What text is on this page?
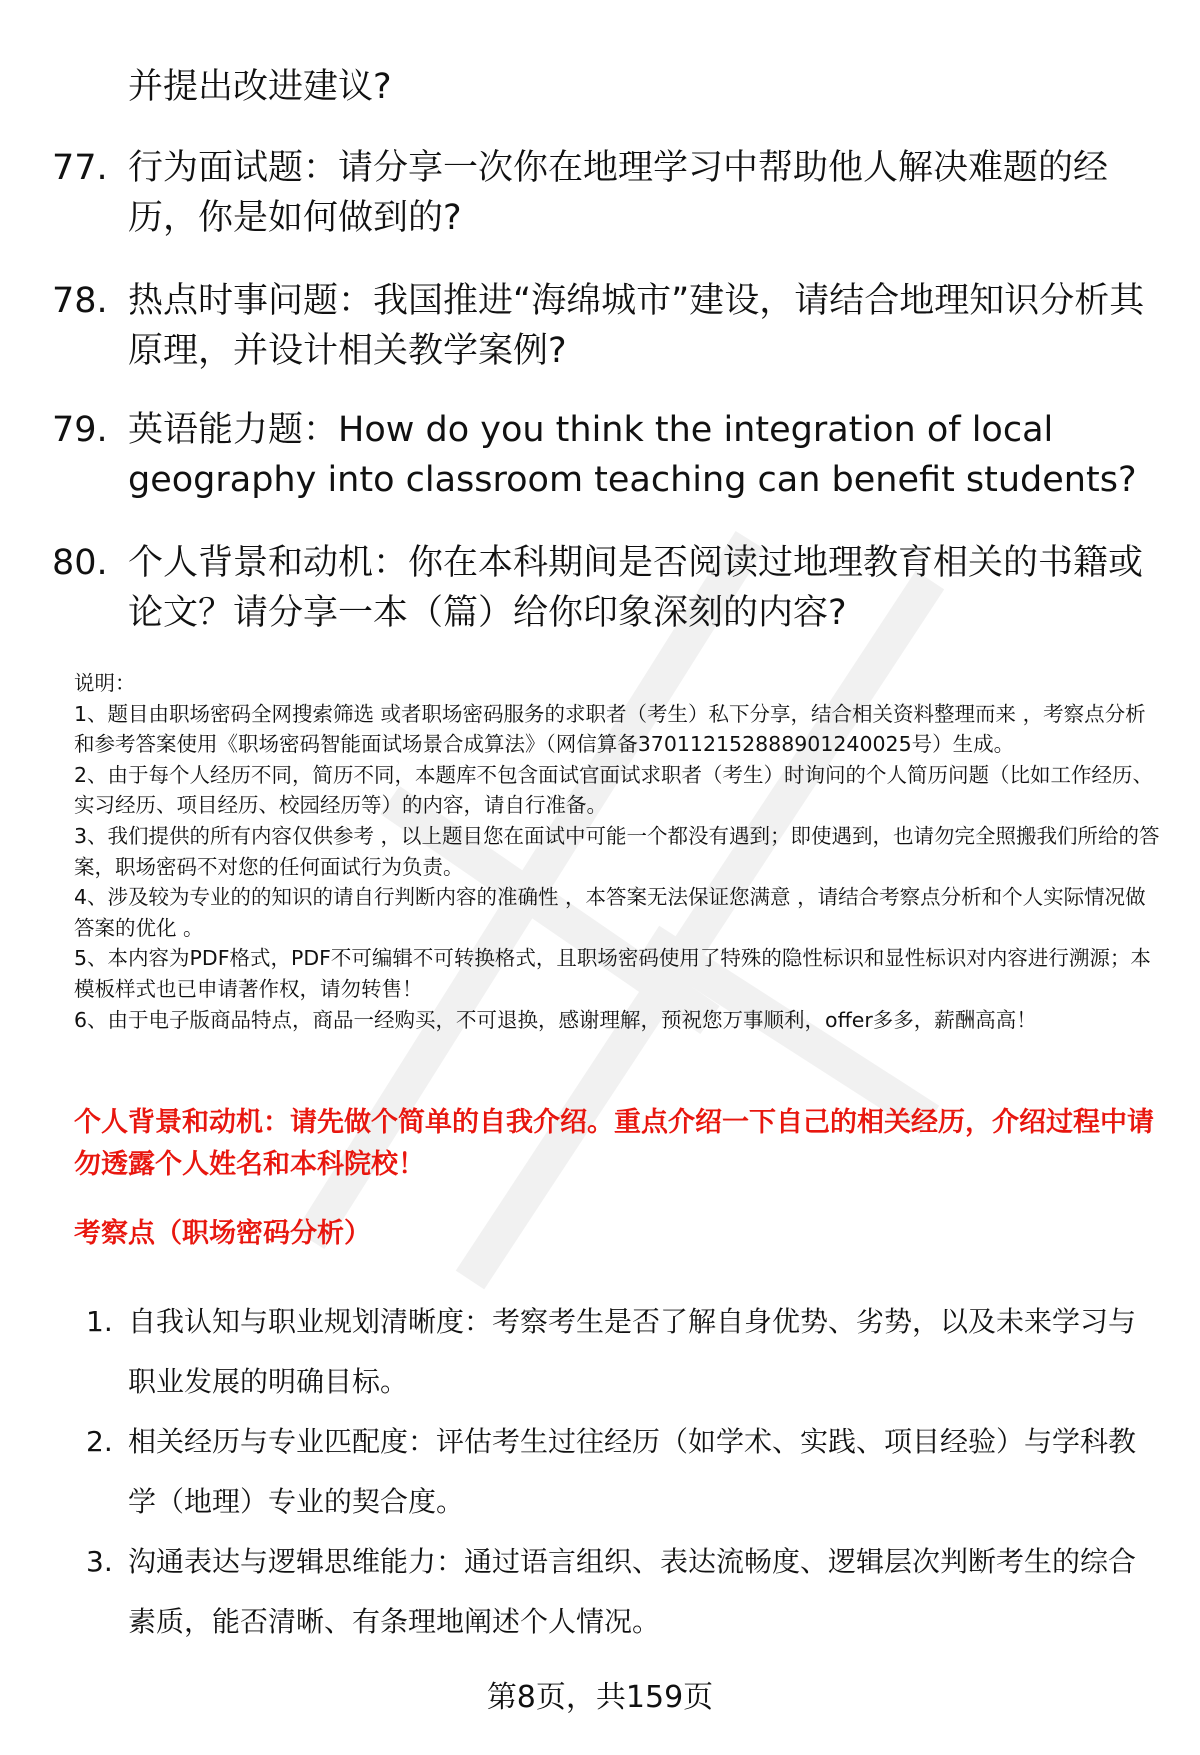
并提出改进建议?
77. 行为面试题：请分享一次你在地理学习中帮助他人解决难题的经历，你是如何做到的?
78. 热点时事问题：我国推进“海绵城市”建设，请结合地理知识分析其原理，并设计相关教学案例?
79. 英语能力题：How do you think the integration of local geography into classroom teaching can benefit students?
80. 个人背景和动机：你在本科期间是否阅读过地理教育相关的书籍或论文？请分享一本（篇）给你印象深刻的内容?
说明：
1、题目由职场密码全网搜索筛选 或者职场密码服务的求职者（考生）私下分享，结合相关资料整理而来 ，考察点分析和参考答案使用《职场密码智能面试场景合成算法》（网信算备370112152888901240025号）生成。
2、由于每个人经历不同，简历不同，本题库不包含面试官面试求职者（考生）时询问的个人简历问题（比如工作经历、实习经历、项目经历、校园经历等）的内容，请自行准备。
3、我们提供的所有内容仅供参考 ，以上题目您在面试中可能一个都没有遇到；即使遇到，也请勿完全照搬我们所给的答案，职场密码不对您的任何面试行为负责。
4、涉及较为专业的的知识的请自行判断内容的准确性 ，本答案无法保证您满意 ，请结合考察点分析和个人实际情况做答案的优化 。
5、本内容为PDF格式，PDF不可编辑不可转换格式，且职场密码使用了特殊的隐性标识和显性标识对内容进行溯源；本模板样式也已申请著作权，请勿转售！
6、由于电子版商品特点，商品一经购买，不可退换，感谢理解，预祝您万事顺利，offer多多，薪酬高高！
个人背景和动机：请先做个简单的自我介绍。重点介绍一下自己的相关经历，介绍过程中请勿透露个人姓名和本科院校！
考察点（职场密码分析）
1. 自我认知与职业规划清晰度：考察考生是否了解自身优势、劣势，以及未来学习与职业发展的明确目标。
2. 相关经历与专业匹配度：评估考生过往经历（如学术、实践、项目经验）与学科教学（地理）专业的契合度。
3. 沟通表达与逻辑思维能力：通过语言组织、表达流畅度、逻辑层次判断考生的综合素质，能否清晰、有条理地阐述个人情况。
第8页，共159页
